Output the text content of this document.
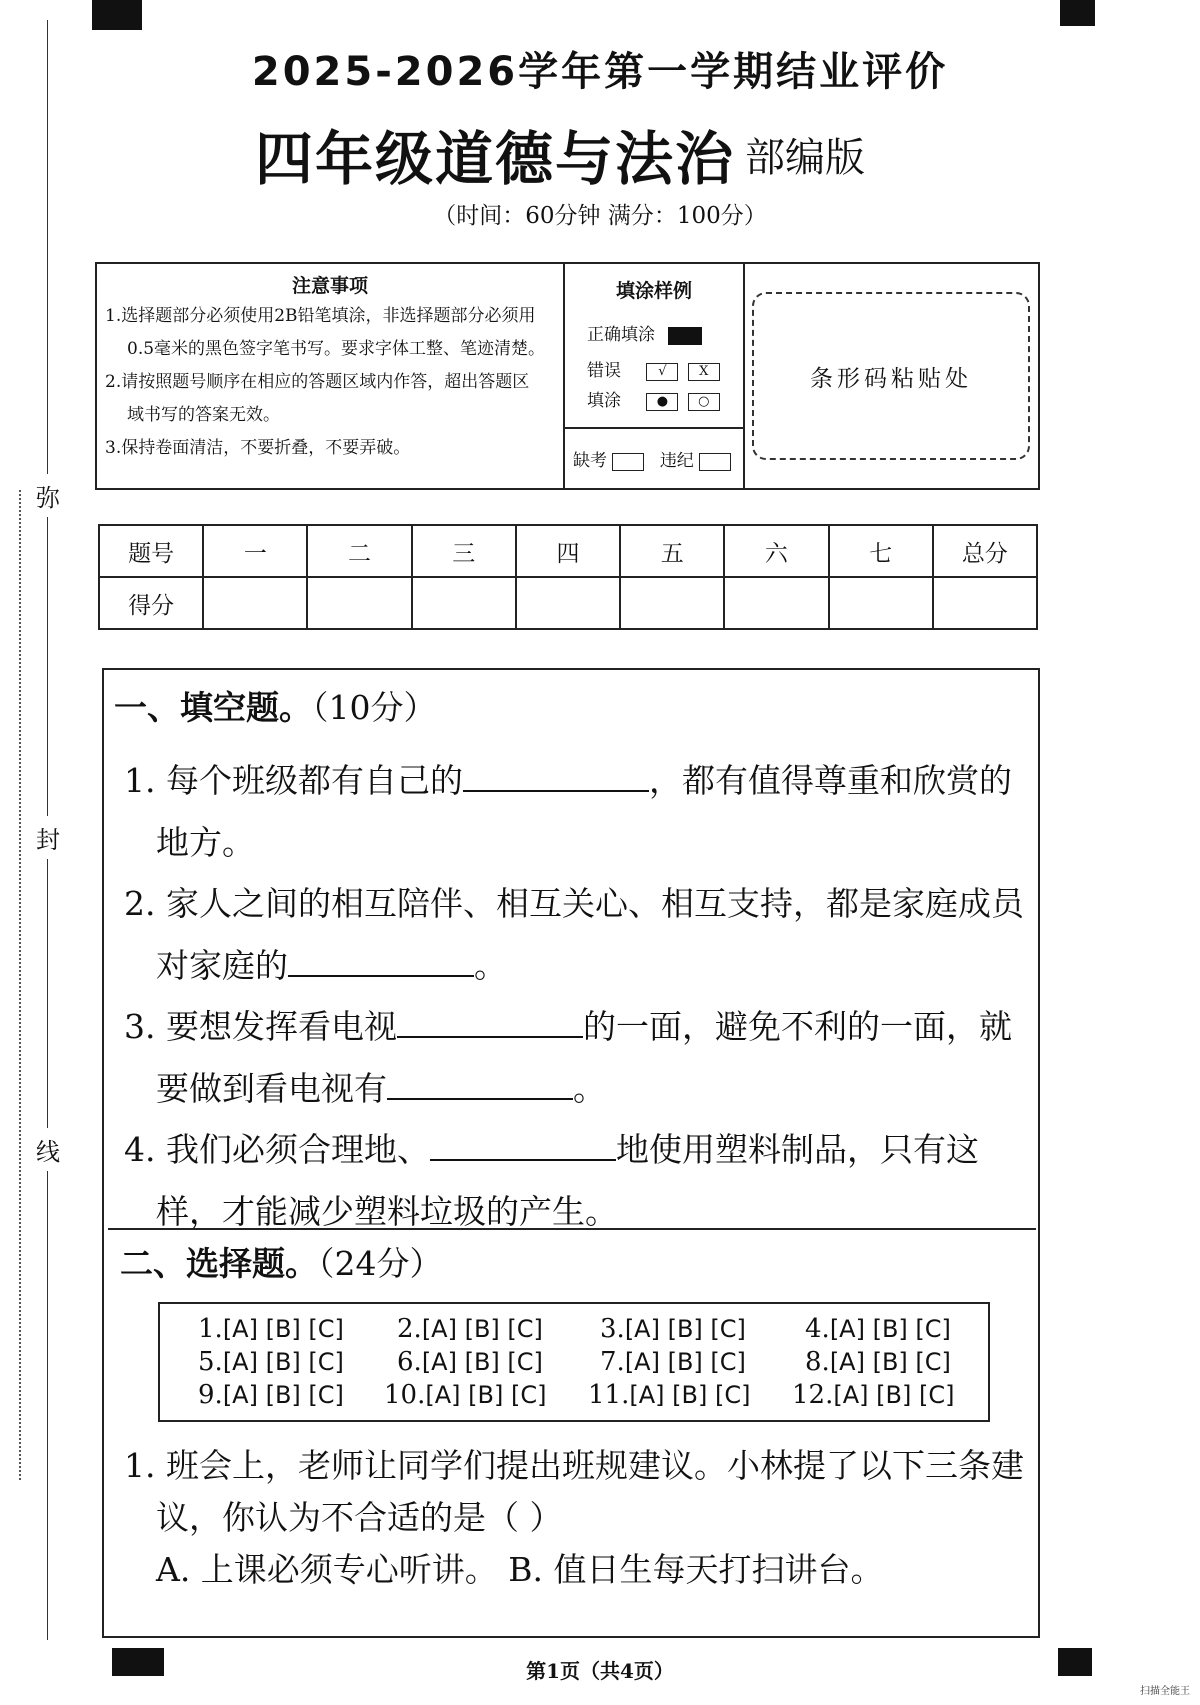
弥
封
线
2025-2026学年第一学期结业评价
四年级道德与法治 部编版
（时间：60分钟 满分：100分）
注意事项
1.选择题部分必须使用2B铅笔填涂，非选择题部分必须用
0.5毫米的黑色签字笔书写。要求字体工整、笔迹清楚。
2.请按照题号顺序在相应的答题区域内作答，超出答题区
域书写的答案无效。
3.保持卷面清洁，不要折叠，不要弄破。
填涂样例
正确填涂
错误	√	X
填涂	● ○
缺考	违纪
条形码粘贴处
题号	一	二	三	四	五	六	七	总分
得分								
一、填空题。（10分）
1. 每个班级都有自己的	，都有值得尊重和欣赏的
地方。
2. 家人之间的相互陪伴、相互关心、相互支持，都是家庭成员
对家庭的	。
3. 要想发挥看电视	的一面，避免不利的一面，就
要做到看电视有	。
4. 我们必须合理地、	地使用塑料制品，只有这
样，才能减少塑料垃圾的产生。
二、选择题。（24分）
1.[A] [B] [C] 2.[A] [B] [C] 3.[A] [B] [C] 4.[A] [B] [C]
5.[A] [B] [C] 6.[A] [B] [C] 7.[A] [B] [C] 8.[A] [B] [C]
9.[A] [B] [C] 10.[A] [B] [C] 11.[A] [B] [C] 12.[A] [B] [C]
1. 班会上，老师让同学们提出班规建议。小林提了以下三条建
议，你认为不合适的是（ ）
A. 上课必须专心听讲。 B. 值日生每天打扫讲台。
第1页（共4页）
扫描全能王
